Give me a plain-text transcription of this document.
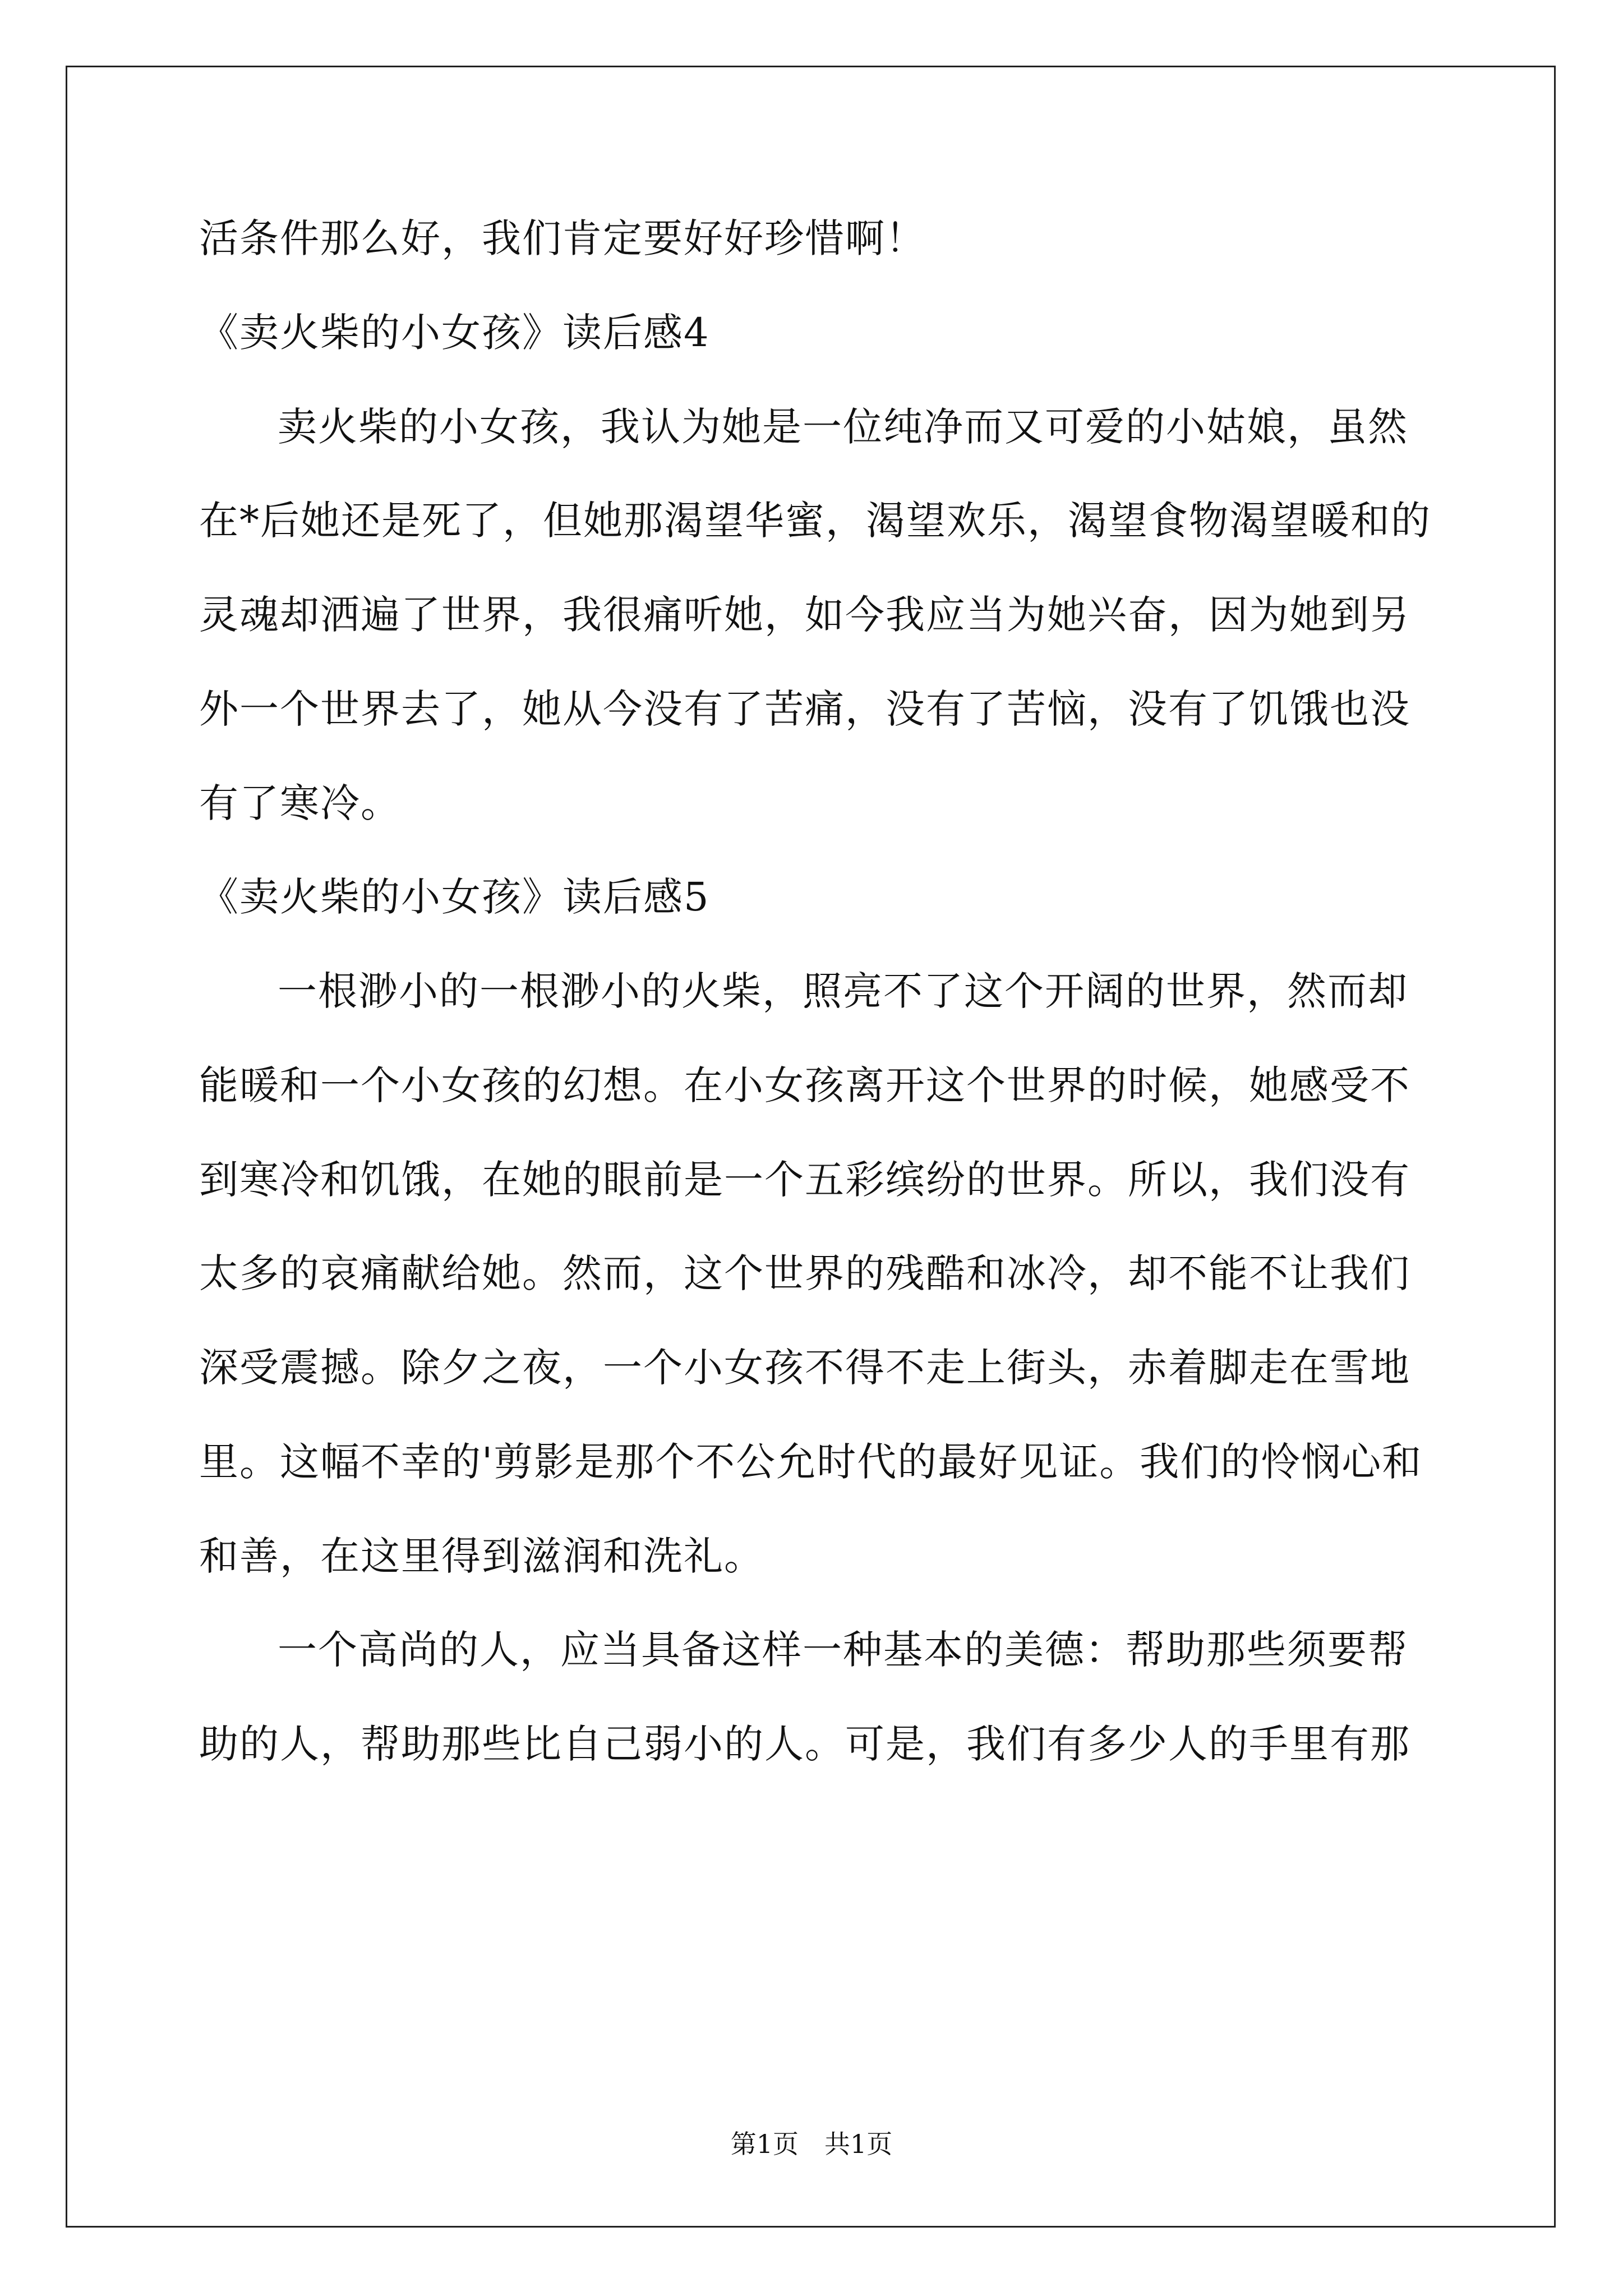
活条件那么好，我们肯定要好好珍惜啊！
《卖火柴的小女孩》读后感4
卖火柴的小女孩，我认为她是一位纯净而又可爱的小姑娘，虽然
在*后她还是死了，但她那渴望华蜜，渴望欢乐，渴望食物渴望暖和的
灵魂却洒遍了世界，我很痛听她，如今我应当为她兴奋，因为她到另
外一个世界去了，她从今没有了苦痛，没有了苦恼，没有了饥饿也没
有了寒冷。
《卖火柴的小女孩》读后感5
一根渺小的一根渺小的火柴，照亮不了这个开阔的世界，然而却
能暖和一个小女孩的幻想。在小女孩离开这个世界的时候，她感受不
到寒冷和饥饿，在她的眼前是一个五彩缤纷的世界。所以，我们没有
太多的哀痛献给她。然而，这个世界的残酷和冰冷，却不能不让我们
深受震撼。除夕之夜，一个小女孩不得不走上街头，赤着脚走在雪地
里。这幅不幸的'剪影是那个不公允时代的最好见证。我们的怜悯心和
和善，在这里得到滋润和洗礼。
一个高尚的人，应当具备这样一种基本的美德：帮助那些须要帮
助的人，帮助那些比自己弱小的人。可是，我们有多少人的手里有那
第1页　共1页
